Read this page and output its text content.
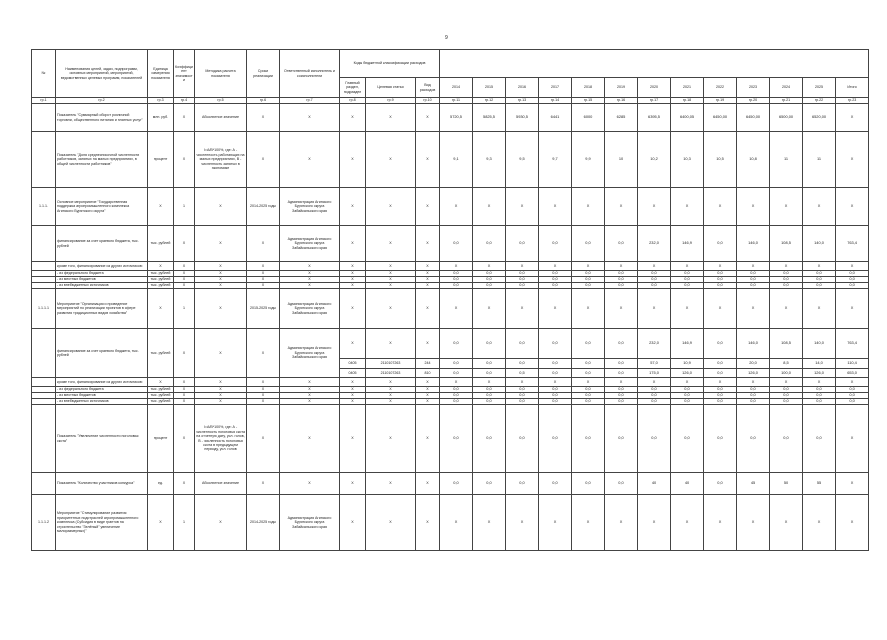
9
№	Наименования целей, задач, подпрограмм, основных мероприятий, мероприятий, ведомственных целевых программ, показателей	Единица измерения показателя	Коэффици ент значимости	Методика расчета показателя	Сроки реализации	Ответственный исполнитель и соисполнители	Коды бюджетной классификации расходов															
							Главный раздел, подраздел	Целевая статья	Вид расходов	2014	2015	2016	2017	2018	2019	2020	2021	2022	2023	2024	2025	Итого
гр.1	гр.2	гр.3	гр.4	гр.5	гр.6	гр.7	гр.8	гр.9	гр.10	гр.11	гр.12	гр.13	гр.14	гр.15	гр.16	гр.17	гр.18	гр.19	гр.20	гр.21	гр.22	гр.23
	Показатель "Суммарный оборот розничной торговли, общественного питания и платных услуг"	млн. руб.	X	Абсолютное значение	X	X	X	X	X	5720,5	5825,5	5930,5	6441	6000	6285	6395,5	6400,05	6450,00	6450,00	6500,00	6520,00	X
	Показатель "Доля среднесписочной численности работников, занятых на малых предприятиях, в общей численности работников"	процент	X	I=A/B*100%, где: А - численность работающих на малых предприятиях, В - численность занятых в экономике	X	X	X	X	X	9,1	9,3	9,5	9,7	9,9	10	10,2	10,3	10,5	10,8	11	11	X
1.1.1.	Основное мероприятие "Государственная поддержка агропромышленного комплекса Агинского Бурятского округа"	X	1	X	2014-2025 годы	Администрация Агинского Бурятского округа Забайкальского края	X	X	X	X	X	X	X	X	X	X	X	X	X	X	X	X
	финансирование за счет краевого бюджета, тыс. рублей	тыс. рублей	X	X	X	Администрация Агинского Бурятского округа Забайкальского края	X	X	X	0,0	0,0	0,0	0,0	0,0	0,0	232,0	146,9	0,0	146,0	108,5	140,0	763,4
	кроме того, финансирование из других источников:	X	X	X	X	X	X	X	X	X	X	X	X	X	X	X	X	X	X	X	X	X
	- из федерального бюджета	тыс. рублей	X	X	X	X	X	X	X	0,0	0,0	0,0	0,0	0,0	0,0	0,0	0,0	0,0	0,0	0,0	0,0	0,0
	- из местных бюджетов	тыс. рублей	X	X	X	X	X	X	X	0,0	0,0	0,0	0,0	0,0	0,0	0,0	0,0	0,0	0,0	0,0	0,0	0,0
	- из внебюджетных источников	тыс. рублей	X	X	X	X	X	X	X	0,0	0,0	0,0	0,0	0,0	0,0	0,0	0,0	0,0	0,0	0,0	0,0	0,0
1.1.1.1	Мероприятие "Организация и проведение мероприятий по реализации проектов в сфере развития традиционных видов хозяйства"	X	1	X	2015-2025 годы	Администрация Агинского Бурятского округа Забайкальского края	X	X	X	X	X	X	X	X	X	X	X	X	X	X	X	X
	финансирование за счет краевого бюджета, тыс. рублей	тыс. рублей	X	X	X	Администрация Агинского Бурятского округа Забайкальского края	X	X	X	0,0	0,0	0,0	0,0	0,0	0,0	232,0	146,9	0,0	146,0	108,5	140,0	763,4
							0405	2110107263	244	0,0	0,0	0,0	0,0	0,0	0,0	57,0	10,9	0,0	20,0	8,5	14,0	110,4
							0405	2110107263	810	0,0	0,0	0,5	0,0	0,0	0,0	175,0	126,0	0,0	126,0	100,0	126,0	653,0
	кроме того, финансирование из других источников:	X	X	X	X	X	X	X	X	X	X	X	X	X	X	X	X	X	X	X	X	X
	- из федерального бюджета	тыс. рублей	X	X	X	X	X	X	X	0,0	0,0	0,0	0,0	0,0	0,0	0,0	0,0	0,0	0,0	0,0	0,0	0,0
	- из местных бюджетов	тыс. рублей	X	X	X	X	X	X	X	0,0	0,0	0,0	0,0	0,0	0,0	0,0	0,0	0,0	0,0	0,0	0,0	0,0
	- из внебюджетных источников	тыс. рублей	X	X	X	X	X	X	X	0,0	0,0	0,0	0,0	0,0	0,0	0,0	0,0	0,0	0,0	0,0	0,0	0,0
	Показатель "Увеличение численности поголовья скота"	процент	X	I=A/B*100%, где: А - численность поголовья скота на отчетную дату, усл. голов, В - численность поголовья скота в предыдущем периоду, усл. голов	X	X	X	X	X	0,0	0,0	0,0	0,0	0,0	0,0	0,0	0,0	0,0	0,0	0,0	0,0	X
	Показатель "Количество участников конкурса"	ед.	X	Абсолютное значение	X	X	X	X	X	0,0	0,0	0,0	0,0	0,0	0,0	40	40	0,0	45	50	55	X
1.1.1.2	Мероприятие "Стимулирование развития приоритетных подотраслей агропромышленного комплекса (Субсидия в виде грантов на строительство "Зелёный" увеличение малоразмерных)"	X	1	X	2014-2025 годы	Администрация Агинского Бурятского округа Забайкальского края	X	X	X	X	X	X	X	X	X	X	X	X	X	X	X	X
